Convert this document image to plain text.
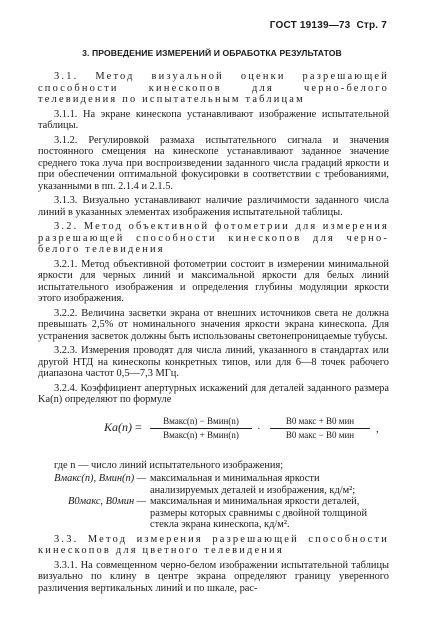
ГОСТ 19139—73 Стр. 7
3. ПРОВЕДЕНИЕ ИЗМЕРЕНИЙ И ОБРАБОТКА РЕЗУЛЬТАТОВ

3.1. Метод визуальной оценки разрешающей способности кинескопов для черно-белого телевидения по испытательным таблицам

3.1.1. На экране кинескопа устанавливают изображение испытательной таблицы.

3.1.2. Регулировкой размаха испытательного сигнала и значения постоянного смещения на кинескопе устанавливают заданное значение среднего тока луча при воспроизведении заданного числа градаций яркости и при обеспечении оптимальной фокусировки в соответствии с требованиями, указанными в пп. 2.1.4 и 2.1.5.

3.1.3. Визуально устанавливают наличие различимости заданного числа линий в указанных элементах изображения испытательной таблицы.

3.2. Метод объективной фотометрии для измерения разрешающей способности кинескопов для черно-белого телевидения

3.2.1. Метод объективной фотометрии состоит в измерении минимальной яркости для черных линий и максимальной яркости для белых линий испытательного изображения и определения глубины модуляции яркости этого изображения.

3.2.2. Величина засветки экрана от внешних источников света не должна превышать 2,5% от номинального значения яркости экрана кинескопа. Для устранения засветок должны быть использованы светонепроницаемые тубусы.

3.2.3. Измерения проводят для числа линий, указанного в стандартах или другой НТД на кинескопы конкретных типов, или для 6—8 точек рабочего диапазона частот 0,5—7,3 МГц.

3.2.4. Коэффициент апертурных искажений для деталей заданного размера Kа(n) определяют по формуле

Kа(n) =	Bмакс(n) − Bмин(n)
Bмакс(n) + Bмин(n)
·
B0 макс + B0 мин
B0 макс − B0 мин
,
где n — число линий испытательного изображения;
Bмакс(n), Bмин(n) — максимальная и минимальная яркости анализируемых деталей и изображения, кд/м²;
B0макс, B0мин — максимальная и минимальная яркости деталей, размеры которых сравнимы с двойной толщиной стекла экрана кинескопа, кд/м².

3.3. Метод измерения разрешающей способности кинескопов для цветного телевидения

3.3.1. На совмещенном черно-белом изображении испытательной таблицы визуально по клину в центре экрана определяют границу уверенного различения вертикальных линий и по шкале, рас-
